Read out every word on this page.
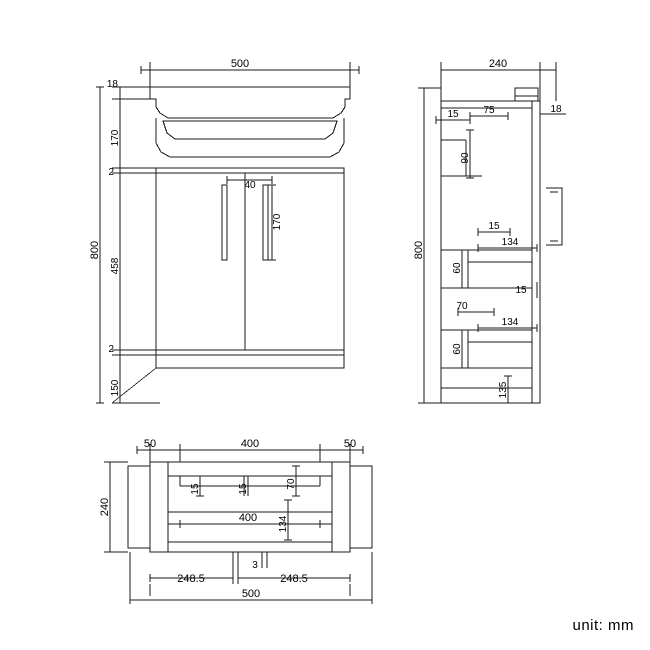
500
18
170
2
40
170
458
2
150
800
240
15 75	18
90
15
134
60
15
70
60
134
135
800
50	400	50
240
15	15	70
400 134
248.5
3
248.5
500
unit: mm
